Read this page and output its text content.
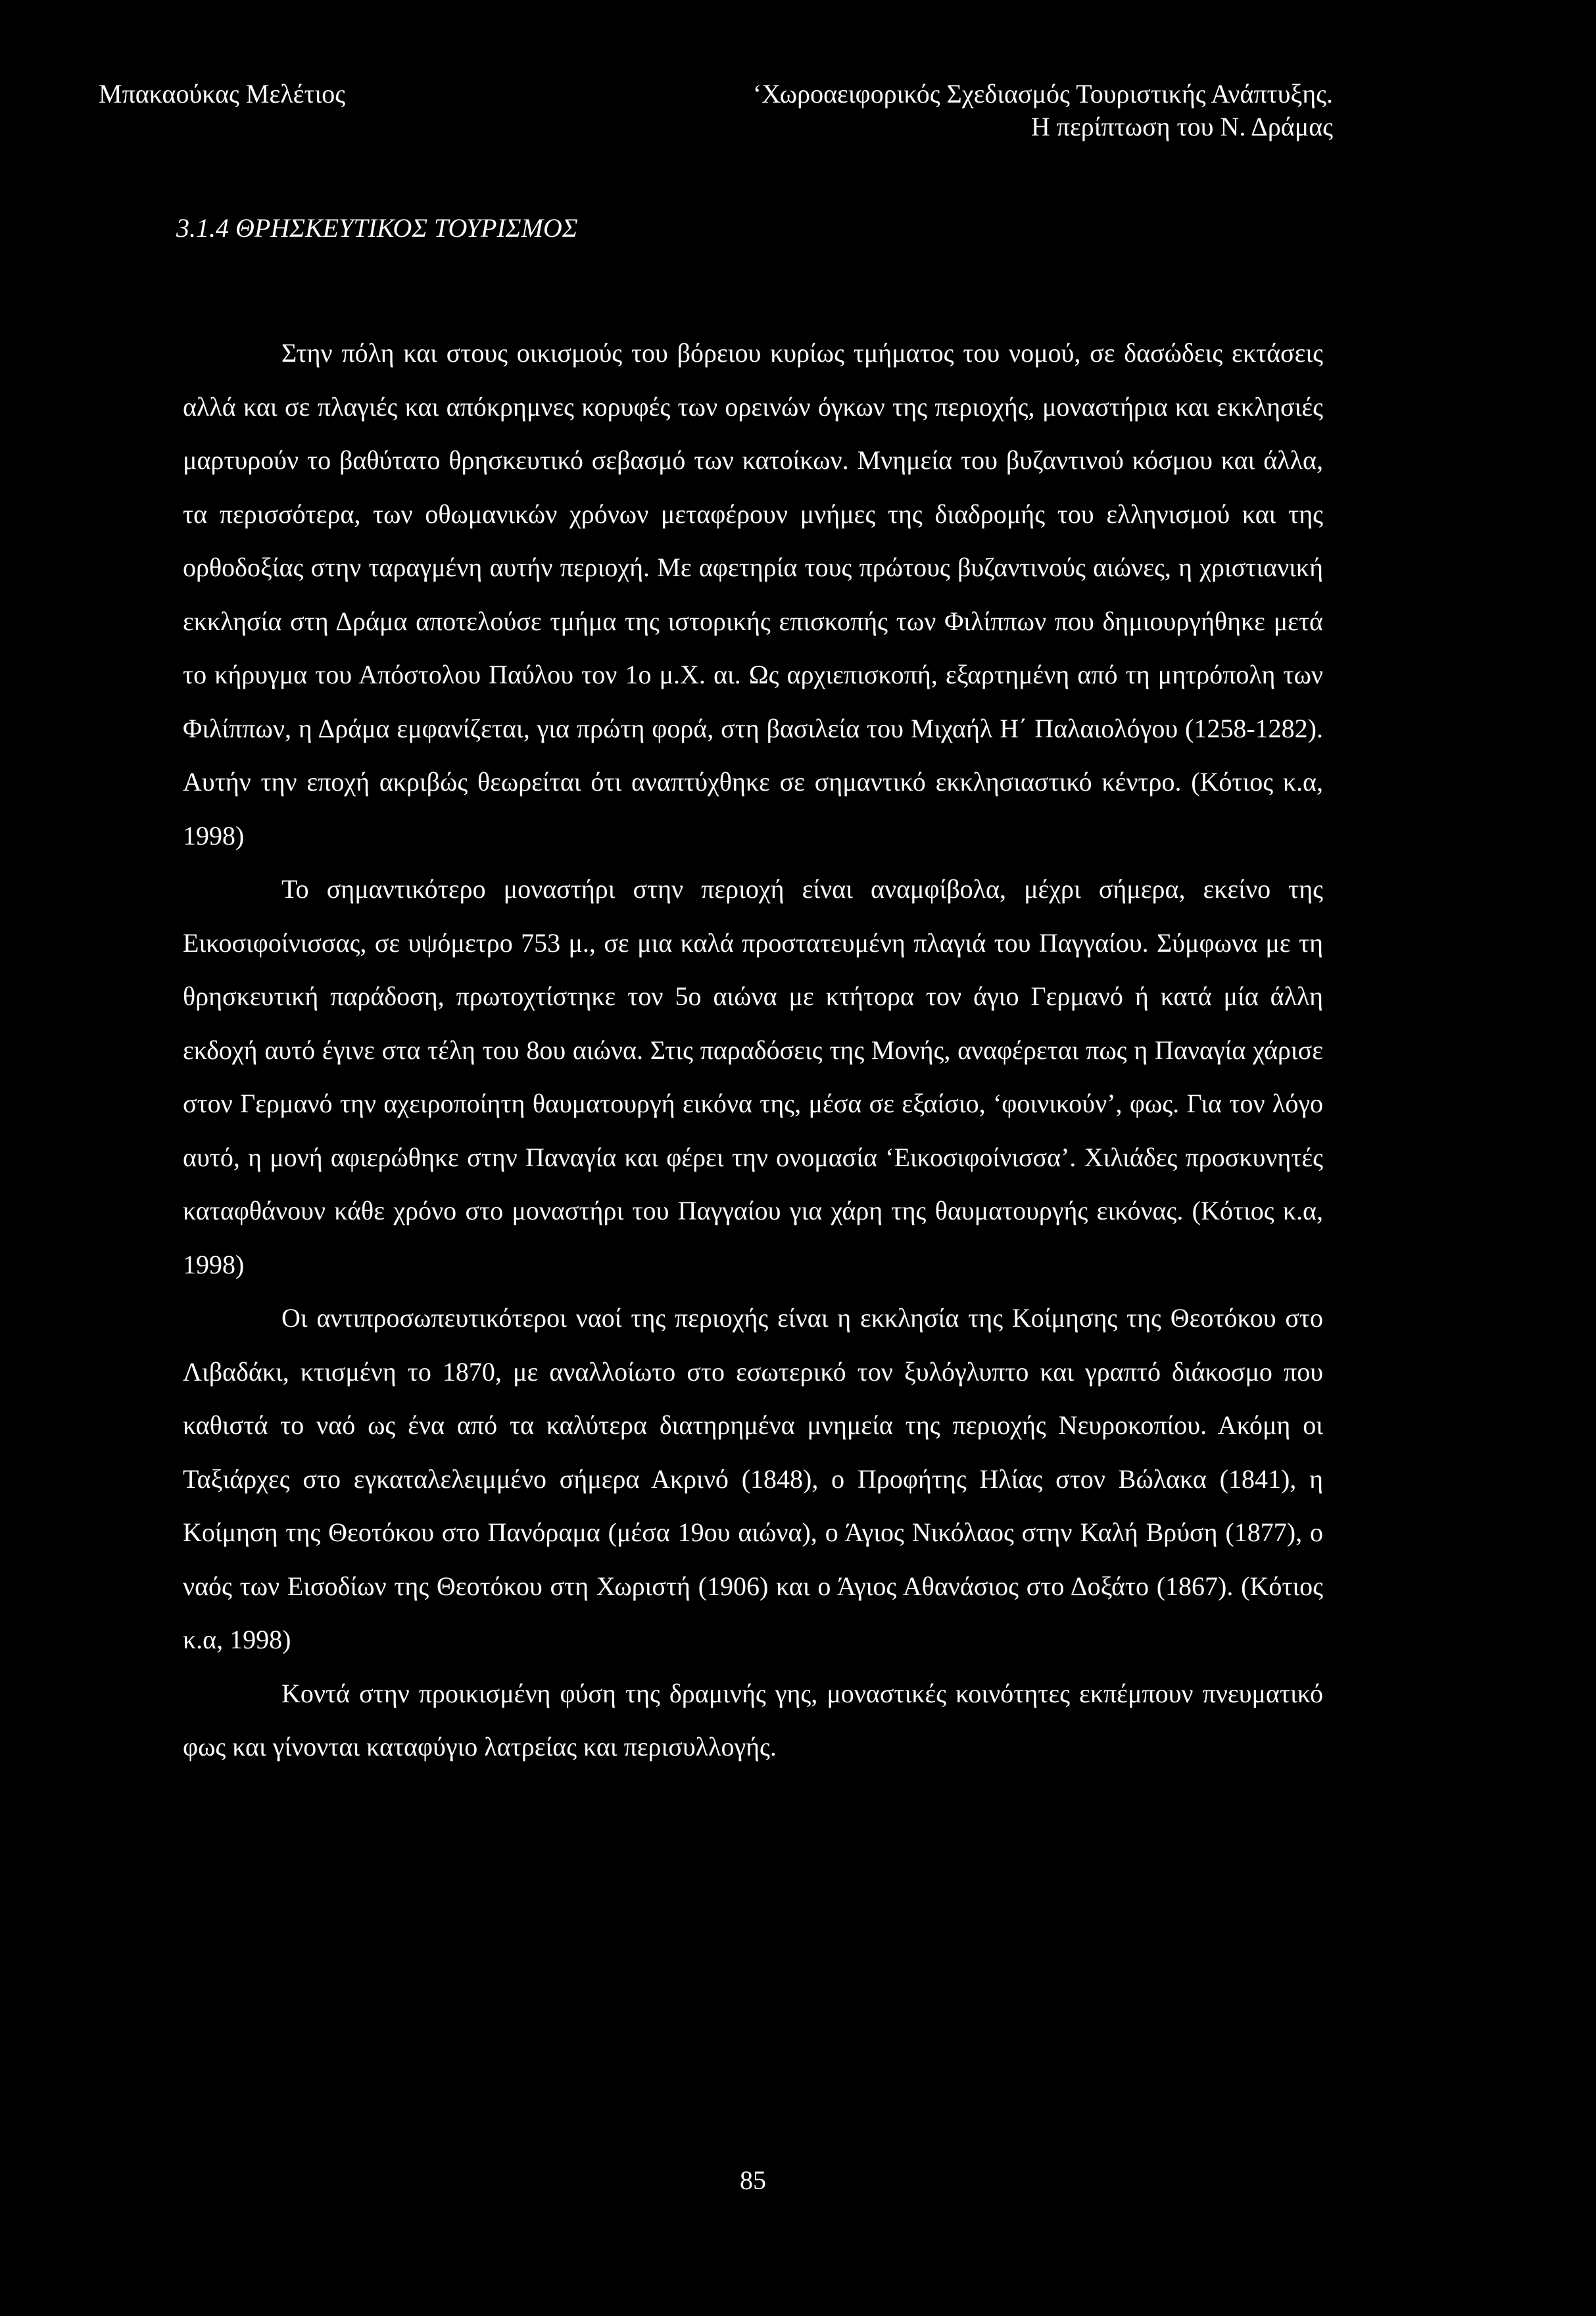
Μπακαούκας Μελέτιος	‘Χωροαειφορικός Σχεδιασμός Τουριστικής Ανάπτυξης.
Η περίπτωση του Ν. Δράμας
3.1.4 ΘΡΗΣΚΕΥΤΙΚΟΣ ΤΟΥΡΙΣΜΟΣ

Στην πόλη και στους οικισμούς του βόρειου κυρίως τμήματος του νομού, σε δασώδεις εκτάσεις αλλά και σε πλαγιές και απόκρημνες κορυφές των ορεινών όγκων της περιοχής, μοναστήρια και εκκλησιές μαρτυρούν το βαθύτατο θρησκευτικό σεβασμό των κατοίκων. Μνημεία του βυζαντινού κόσμου και άλλα, τα περισσότερα, των οθωμανικών χρόνων μεταφέρουν μνήμες της διαδρομής του ελληνισμού και της ορθοδοξίας στην ταραγμένη αυτήν περιοχή. Με αφετηρία τους πρώτους βυζαντινούς αιώνες, η χριστιανική εκκλησία στη Δράμα αποτελούσε τμήμα της ιστορικής επισκοπής των Φιλίππων που δημιουργήθηκε μετά το κήρυγμα του Απόστολου Παύλου τον 1ο μ.Χ. αι. Ως αρχιεπισκοπή, εξαρτημένη από τη μητρόπολη των Φιλίππων, η Δράμα εμφανίζεται, για πρώτη φορά, στη βασιλεία του Μιχαήλ Η΄ Παλαιολόγου (1258-1282). Αυτήν την εποχή ακριβώς θεωρείται ότι αναπτύχθηκε σε σημαντικό εκκλησιαστικό κέντρο. (Κότιος κ.α, 1998)

Το σημαντικότερο μοναστήρι στην περιοχή είναι αναμφίβολα, μέχρι σήμερα, εκείνο της Εικοσιφοίνισσας, σε υψόμετρο 753 μ., σε μια καλά προστατευμένη πλαγιά του Παγγαίου. Σύμφωνα με τη θρησκευτική παράδοση, πρωτοχτίστηκε τον 5ο αιώνα με κτήτορα τον άγιο Γερμανό ή κατά μία άλλη εκδοχή αυτό έγινε στα τέλη του 8ου αιώνα. Στις παραδόσεις της Μονής, αναφέρεται πως η Παναγία χάρισε στον Γερμανό την αχειροποίητη θαυματουργή εικόνα της, μέσα σε εξαίσιο, ‘φοινικούν’, φως. Για τον λόγο αυτό, η μονή αφιερώθηκε στην Παναγία και φέρει την ονομασία ‘Εικοσιφοίνισσα’. Χιλιάδες προσκυνητές καταφθάνουν κάθε χρόνο στο μοναστήρι του Παγγαίου για χάρη της θαυματουργής εικόνας. (Κότιος κ.α, 1998)

Οι αντιπροσωπευτικότεροι ναοί της περιοχής είναι η εκκλησία της Κοίμησης της Θεοτόκου στο Λιβαδάκι, κτισμένη το 1870, με αναλλοίωτο στο εσωτερικό τον ξυλόγλυπτο και γραπτό διάκοσμο που καθιστά το ναό ως ένα από τα καλύτερα διατηρημένα μνημεία της περιοχής Νευροκοπίου. Ακόμη οι Ταξιάρχες στο εγκαταλελειμμένο σήμερα Ακρινό (1848), ο Προφήτης Ηλίας στον Βώλακα (1841), η Κοίμηση της Θεοτόκου στο Πανόραμα (μέσα 19ου αιώνα), ο Άγιος Νικόλαος στην Καλή Βρύση (1877), ο ναός των Εισοδίων της Θεοτόκου στη Χωριστή (1906) και ο Άγιος Αθανάσιος στο Δοξάτο (1867). (Κότιος κ.α, 1998)

Κοντά στην προικισμένη φύση της δραμινής γης, μοναστικές κοινότητες εκπέμπουν πνευματικό φως και γίνονται καταφύγιο λατρείας και περισυλλογής.

85
